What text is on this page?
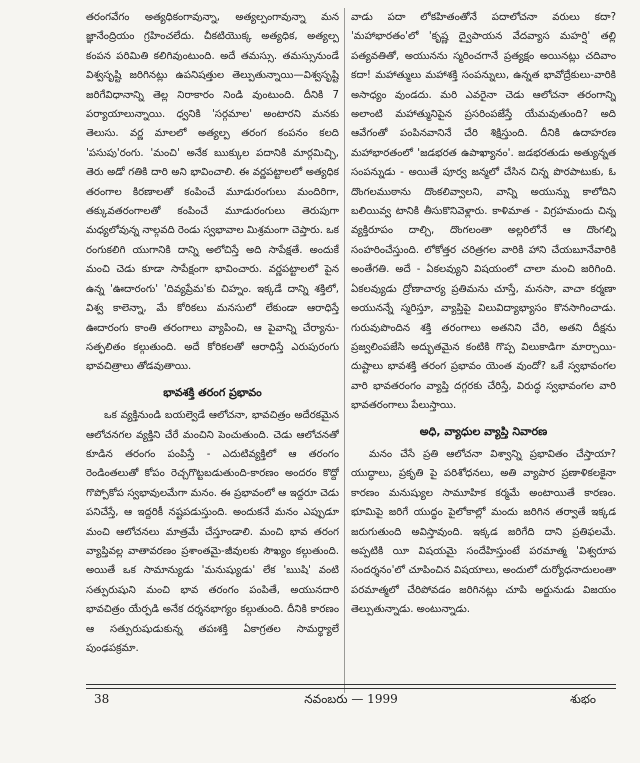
తరంగవేగం అత్యధికంగావున్నా, అత్యల్పంగావున్నా మన జ్ఞానేంద్రియం గ్రహించలేదు. చీకటియొక్క అత్యధిక, అత్యల్ప కంపన పరిమితి కలిగివుంటుంది. అదే తమస్సు. తమస్సునుండే విశ్వసృష్టి జరిగినట్లు ఉపనిషత్తుల తెల్పుతున్నాయి—విశ్వసృష్టి జరిగేవిధానాన్ని తెల్ల నిరాకారం నిండి వుంటుంది. దీనికి 7 పర్యాయాలున్నాయి. ధ్వనికి 'సర్గమాల' అంటారని మనకు తెలుసు. వర్ణ మాలలో అత్యల్ప తరంగ కంపనం కలది 'పసుపు'రంగు. 'మంచి' అనేక ఋక్కుల పదానికి మార్గమిచ్చి, తెరు అడో గతికి దారి అని భావించాలి. ఈ వర్ణపట్టాలలో అత్యధిక తరంగాల కిరణాలతో కంపించే మూడురంగులు మందిరిగా, తక్కువతరంగాలతో కంపించే మూడురంగులు తెరుపుగా మధ్యలోవున్న నాల్గవది రెండు స్వభావాల మిశ్రమంగా చెప్తారు. ఒక రంగుకలిగి యుగానికి దాన్ని అలోచిస్తే అది సాపేక్షతే. అందుకే మంచి చెడు కూడా సాపేక్షంగా భావించారు. వర్ణపట్టాలలో పైన ఉన్న 'ఊదారంగు' 'దివ్యప్రేమ'కు చిహ్నం. ఇక్కడే దాన్ని శక్తిలో, విశ్వ కాలెన్నా, మే కోరికలు మనసులో లేకుండా ఆరాధిస్తే ఊదారంగు కాంతి తరంగాలు వ్యాపించి, ఆ పైవాన్ని చేర్యాను-సత్ఫలితం కల్గుతుంది. అదే కోరికలతో ఆరాధిస్తే ఎరుపురంగు భావచిత్రాలు తోడవుతాయి.

భావశక్తి తరంగ ప్రభావం

ఒక వ్యక్తినుండి బయల్వెడే ఆలోచనా, భావచిత్రం అదేరకమైన ఆలోచనగల వ్యక్తిని చేరే మంచిని పెంచుతుంది. చెడు ఆలోచనతో కూడిన తరంగం పంపిస్తే - ఎదుటివ్యక్తిలో ఆ తరంగం రెండింతలుతో కోపం రెచ్చగొట్టబడుతుంది-కారణం అందరం కొద్దో గొప్పోకోప స్వభావులమేగా మనం. ఈ ప్రభావంలో ఆ ఇద్దరూ చెడు పనిచేస్తే, ఆ ఇద్దరికీ నష్టపడుస్తుంది. అందుకనే మనం ఎప్పుడూ మంచి ఆలోచనలు మాత్రమే చేస్తూండాలి. మంచి భావ తరంగ వ్యాప్తివల్ల వాతావరణం ప్రశాంతమై-జీవులకు సౌఖ్యం కల్గుతుంది. అయితే ఒక సామాన్యుడు 'మనుష్యుడు' లేక 'ఋషి' వంటి సత్పురుషుని మంచి భావ తరంగం పంపితే, అయునదారి భావచిత్రం యేర్పడి అనేక దర్శనభాగ్యం కల్గుతుంది. దీనికి కారణం ఆ సత్పురుషుడుకున్న తపఃశక్తి ఏకాగ్రతల సామర్థ్యాలే పుంఢపక్రమా.

వాడు పదా లోకహితంతోనే పదాలోచనా వరులు కదా? 'మహాభారతం'లో 'కృష్ణ ద్వైపాయన వేదవ్యాస మహర్షి' తల్లి పత్యవతితో, అయునను స్మరించగానే ప్రత్యక్షం అయినట్లు చదివాం కదా! మహాత్ములు మహాశక్తి సంపన్నులు, ఉన్నత భావోద్రేకులు-వారికి అసాధ్యం వుండదు. మరి ఎవరైనా చెడు ఆలోచనా తరంగాన్ని అలాంటి మహాత్మునిపైన ప్రసరింపజేస్తే యేమవుతుంది? అది ఆవేగంతో పంపినవానినే చేరి శిక్షిస్తుంది. దీనికి ఉదాహరణ మహాభారతంలో 'జడభరత ఉపాఖ్యానం'. జడభరతుడు అత్యున్నత సంపన్నుడు - అయితే పూర్వ జన్మలో చేసిన చిన్న పొరపాటుకు, ఓ దొంగలముఠాను దొంకలివ్వాలని, వాన్ని అయున్ను కాలోదిని బలియివ్వ టానికి తీసుకొనివెళ్లారు. కాళిమాత - విగ్రహమందు చిన్న వ్యక్తిరూపం దాల్చి, దొంగలంతా అల్లరిలోనే ఆ దొంగల్ని సంహరించేస్తుంది. లోకోత్తర చరిత్రగల వారికి హాని చేయబూనేవారికి అంతేగతి. అదే - ఏకలవ్యుని విషయంలో చాలా మంచి జరిగింది. ఏకలవ్యుడు ద్రోణాచార్య ప్రతిమను చూస్తే, మనసా, వాచా కర్మణా అయునన్నే స్మరిస్తూ, వ్యాప్తిపై విలువిద్యాభ్యాసం కొనసాగించాడు. గురువుపొందిన శక్తి తరంగాలు అతనిని చేరి, అతని దీక్షను ప్రజ్వలింపజేసి అద్భుతమైన కంటికి గొప్ప విలుకాడిగా మార్చాయి-దుష్టాలు భావశక్తి తరంగ ప్రభావం యెంత వుందో? ఒకే స్వభావంగల వారి భావతరంగం వ్యాప్తి దగ్గరకు చేరిస్తే, విరుద్ధ స్వభావంగల వారి భావతరంగాలు పేలుస్తాయి.

అధి, వ్యాధుల వ్యాప్తి నివారణ

మనం చేసే ప్రతి ఆలోచనా విశ్వాన్ని ప్రభావితం చేస్తాయా? యుద్ధాలు, ప్రకృతి పై పరిశోధనలు, అతి వ్యాపార ప్రణాళికలకైనా కారణం మనుష్యుల సామూహిక కర్మమే అంటాయితే కారణం. భూమిపై జరిగే యుద్ధం పైలోకాల్లో మందు జరిగిన తర్వాతే ఇక్కడ జరుగుతుంది అవిస్తావుంది. ఇక్కడ జరిగేది దాని ప్రతిఫలమే. అప్పటికి యీ విషయమై సందేహిస్తుంటే పరమాత్మ 'విశ్వరూప సందర్శనం'లో చూపించిన విషయాలు, అందులో దుర్యోధనాదులంతా పరమాత్మలో చేరిపోవడం జరిగినట్లు చూపి అర్జునుడు విజయం తెల్పుతున్నాడు. అంటున్నాడు.

38	నవంబరు — 1999	శుభం
